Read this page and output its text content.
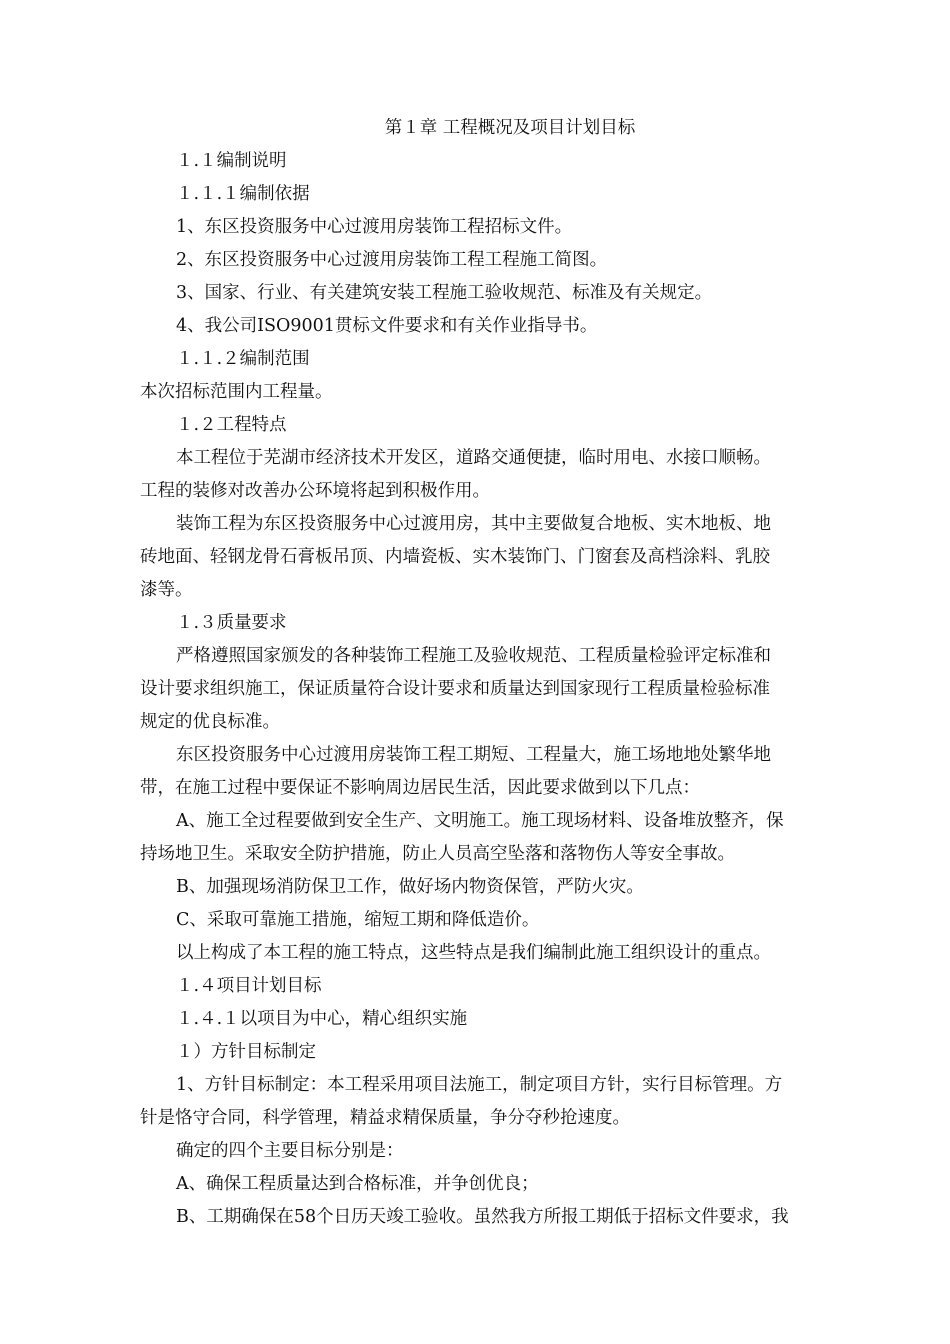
第１章 工程概况及项目计划目标
１.１编制说明
１.１.１编制依据
1、东区投资服务中心过渡用房装饰工程招标文件。
2、东区投资服务中心过渡用房装饰工程工程施工简图。
3、国家、行业、有关建筑安装工程施工验收规范、标准及有关规定。
4、我公司ISO9001贯标文件要求和有关作业指导书。
１.１.２编制范围
本次招标范围内工程量。
１.２工程特点
本工程位于芜湖市经济技术开发区，道路交通便捷，临时用电、水接口顺畅。
工程的装修对改善办公环境将起到积极作用。
装饰工程为东区投资服务中心过渡用房，其中主要做复合地板、实木地板、地
砖地面、轻钢龙骨石膏板吊顶、内墙瓷板、实木装饰门、门窗套及高档涂料、乳胶
漆等。
１.３质量要求
严格遵照国家颁发的各种装饰工程施工及验收规范、工程质量检验评定标准和
设计要求组织施工，保证质量符合设计要求和质量达到国家现行工程质量检验标准
规定的优良标准。
东区投资服务中心过渡用房装饰工程工期短、工程量大，施工场地地处繁华地
带，在施工过程中要保证不影响周边居民生活，因此要求做到以下几点：
A、施工全过程要做到安全生产、文明施工。施工现场材料、设备堆放整齐，保
持场地卫生。采取安全防护措施，防止人员高空坠落和落物伤人等安全事故。
B、加强现场消防保卫工作，做好场内物资保管，严防火灾。
C、采取可靠施工措施，缩短工期和降低造价。
以上构成了本工程的施工特点，这些特点是我们编制此施工组织设计的重点。
１.４项目计划目标
１.４.１以项目为中心，精心组织实施
１）方针目标制定
1、方针目标制定：本工程采用项目法施工，制定项目方针，实行目标管理。方
针是恪守合同，科学管理，精益求精保质量，争分夺秒抢速度。
确定的四个主要目标分别是：
A、确保工程质量达到合格标准，并争创优良；
B、工期确保在58个日历天竣工验收。虽然我方所报工期低于招标文件要求，我
